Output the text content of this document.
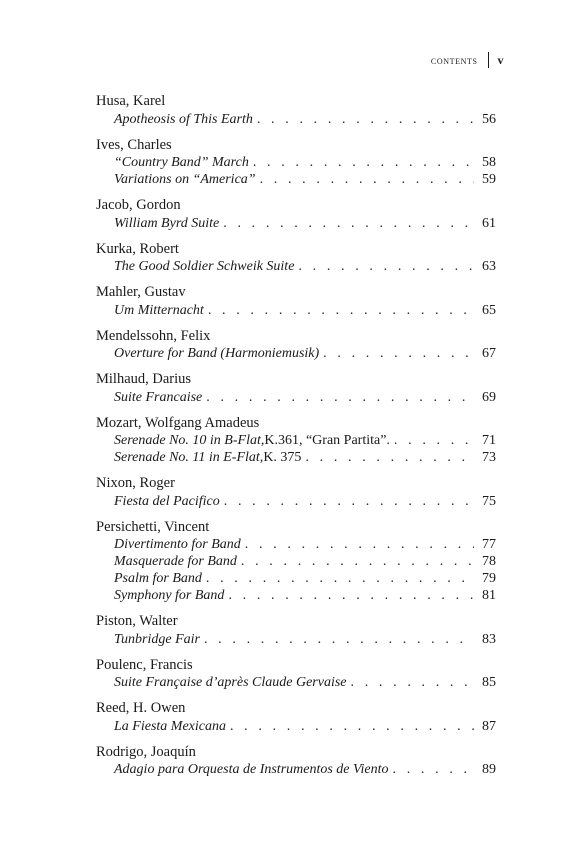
contents v
Husa, Karel
Apotheosis of This Earth . . .	56
Ives, Charles
“Country Band” March . . .	58
Variations on “America” . . .	59
Jacob, Gordon
William Byrd Suite . . .	61
Kurka, Robert
The Good Soldier Schweik Suite . . .	63
Mahler, Gustav
Um Mitternacht . . .	65
Mendelssohn, Felix
Overture for Band (Harmoniemusik) . . .	67
Milhaud, Darius
Suite Francaise . . .	69
Mozart, Wolfgang Amadeus
Serenade No. 10 in B-Flat, K.361, “Gran Partita”. . . .	71
Serenade No. 11 in E-Flat, K. 375 . . .	73
Nixon, Roger
Fiesta del Pacifico . . .	75
Persichetti, Vincent
Divertimento for Band . . .	77
Masquerade for Band . . .	78
Psalm for Band . . .	79
Symphony for Band . . .	81
Piston, Walter
Tunbridge Fair . . .	83
Poulenc, Francis
Suite Française d’après Claude Gervaise . . .	85
Reed, H. Owen
La Fiesta Mexicana . . .	87
Rodrigo, Joaquín
Adagio para Orquesta de Instrumentos de Viento . . .	89
